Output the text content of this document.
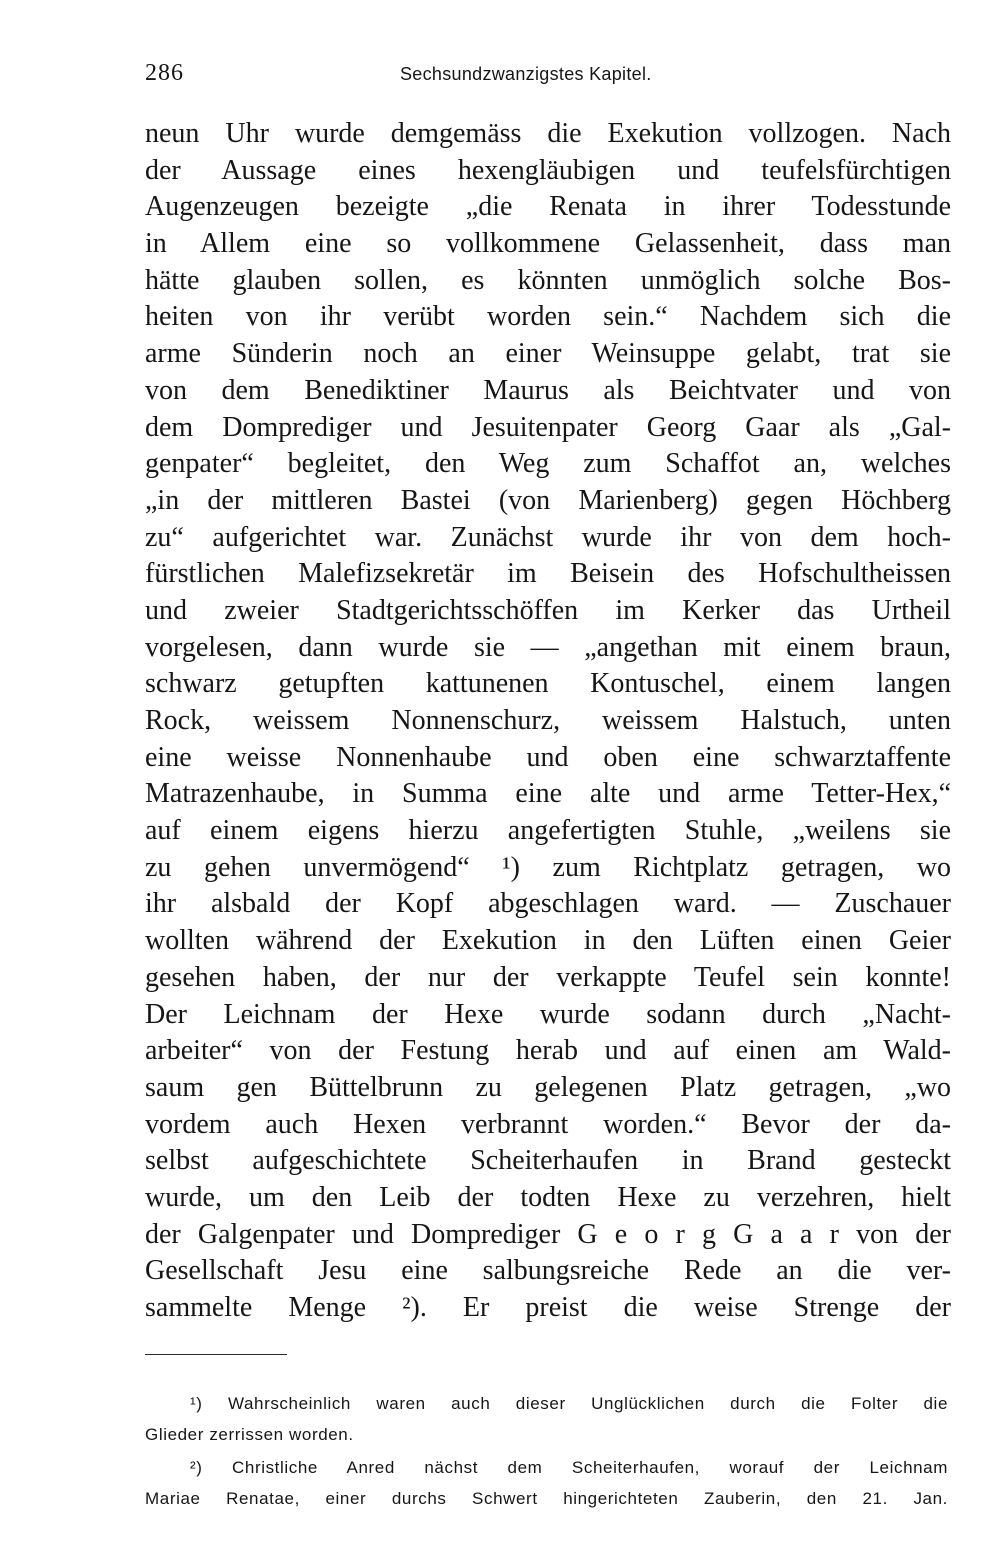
286	Sechsundzwanzigstes Kapitel.
neun Uhr wurde demgemäss die Exekution vollzogen. Nach
der Aussage eines hexengläubigen und teufelsfürchtigen
Augenzeugen bezeigte „die Renata in ihrer Todesstunde
in Allem eine so vollkommene Gelassenheit, dass man
hätte glauben sollen, es könnten unmöglich solche Bos-
heiten von ihr verübt worden sein.“ Nachdem sich die
arme Sünderin noch an einer Weinsuppe gelabt, trat sie
von dem Benediktiner Maurus als Beichtvater und von
dem Domprediger und Jesuitenpater Georg Gaar als „Gal-
genpater“ begleitet, den Weg zum Schaffot an, welches
„in der mittleren Bastei (von Marienberg) gegen Höchberg
zu“ aufgerichtet war. Zunächst wurde ihr von dem hoch-
fürstlichen Malefizsekretär im Beisein des Hofschultheissen
und zweier Stadtgerichtsschöffen im Kerker das Urtheil
vorgelesen, dann wurde sie — „angethan mit einem braun,
schwarz getupften kattunenen Kontuschel, einem langen
Rock, weissem Nonnenschurz, weissem Halstuch, unten
eine weisse Nonnenhaube und oben eine schwarztaffente
Matrazenhaube, in Summa eine alte und arme Tetter-Hex,“
auf einem eigens hierzu angefertigten Stuhle, „weilens sie
zu gehen unvermögend“ ¹) zum Richtplatz getragen, wo
ihr alsbald der Kopf abgeschlagen ward. — Zuschauer
wollten während der Exekution in den Lüften einen Geier
gesehen haben, der nur der verkappte Teufel sein konnte!
Der Leichnam der Hexe wurde sodann durch „Nacht-
arbeiter“ von der Festung herab und auf einen am Wald-
saum gen Büttelbrunn zu gelegenen Platz getragen, „wo
vordem auch Hexen verbrannt worden.“ Bevor der da-
selbst aufgeschichtete Scheiterhaufen in Brand gesteckt
wurde, um den Leib der todten Hexe zu verzehren, hielt
der Galgenpater und Domprediger G e o r g G a a r von der
Gesellschaft Jesu eine salbungsreiche Rede an die ver-
sammelte Menge ²). Er preist die weise Strenge der
¹) Wahrscheinlich waren auch dieser Unglücklichen durch die Folter die
Glieder zerrissen worden.
²) Christliche Anred nächst dem Scheiterhaufen, worauf der Leichnam
Mariae Renatae, einer durchs Schwert hingerichteten Zauberin, den 21. Jan.
